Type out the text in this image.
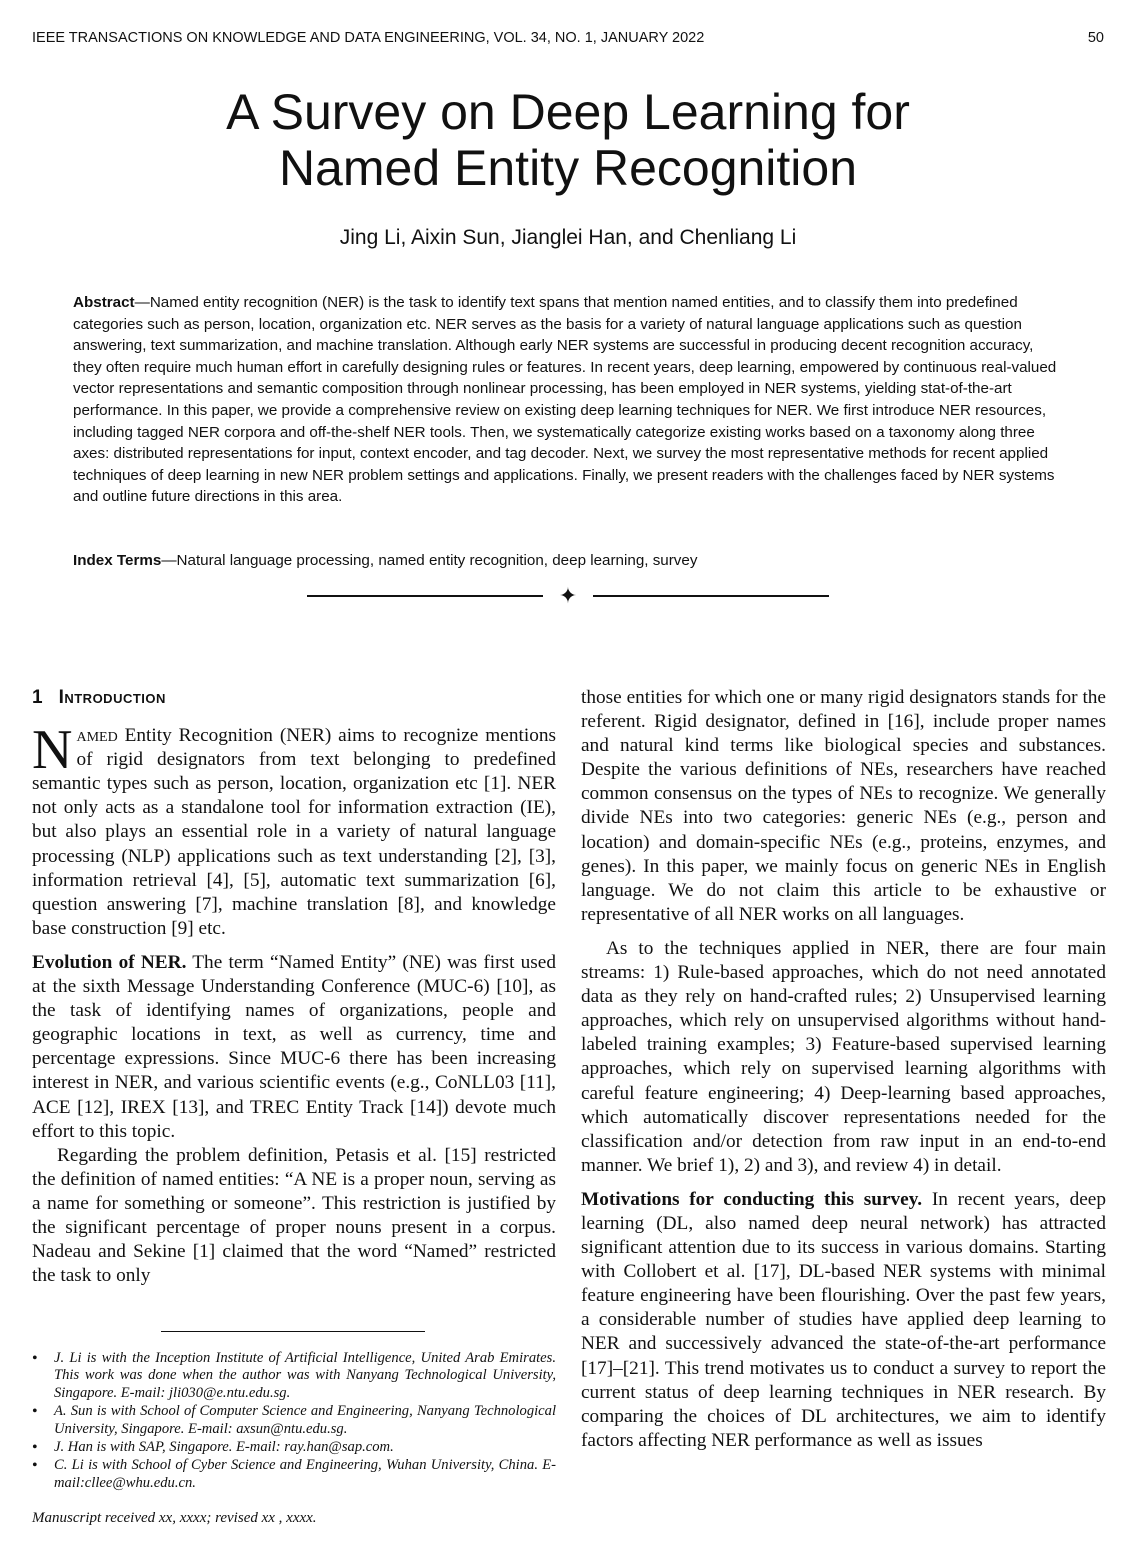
IEEE TRANSACTIONS ON KNOWLEDGE AND DATA ENGINEERING, VOL. 34, NO. 1, JANUARY 2022	50
A Survey on Deep Learning for
Named Entity Recognition
Jing Li, Aixin Sun, Jianglei Han, and Chenliang Li
Abstract—Named entity recognition (NER) is the task to identify text spans that mention named entities, and to classify them into predefined categories such as person, location, organization etc. NER serves as the basis for a variety of natural language applications such as question answering, text summarization, and machine translation. Although early NER systems are successful in producing decent recognition accuracy, they often require much human effort in carefully designing rules or features. In recent years, deep learning, empowered by continuous real-valued vector representations and semantic composition through nonlinear processing, has been employed in NER systems, yielding stat-of-the-art performance. In this paper, we provide a comprehensive review on existing deep learning techniques for NER. We first introduce NER resources, including tagged NER corpora and off-the-shelf NER tools. Then, we systematically categorize existing works based on a taxonomy along three axes: distributed representations for input, context encoder, and tag decoder. Next, we survey the most representative methods for recent applied techniques of deep learning in new NER problem settings and applications. Finally, we present readers with the challenges faced by NER systems and outline future directions in this area.
Index Terms—Natural language processing, named entity recognition, deep learning, survey
✦
1 Introduction

Named Entity Recognition (NER) aims to recognize mentions of rigid designators from text belonging to predefined semantic types such as person, location, organization etc [1]. NER not only acts as a standalone tool for information extraction (IE), but also plays an essential role in a variety of natural language processing (NLP) applications such as text understanding [2], [3], information retrieval [4], [5], automatic text summarization [6], question answering [7], machine translation [8], and knowledge base construction [9] etc.

Evolution of NER. The term “Named Entity” (NE) was first used at the sixth Message Understanding Conference (MUC-6) [10], as the task of identifying names of organizations, people and geographic locations in text, as well as currency, time and percentage expressions. Since MUC-6 there has been increasing interest in NER, and various scientific events (e.g., CoNLL03 [11], ACE [12], IREX [13], and TREC Entity Track [14]) devote much effort to this topic.

Regarding the problem definition, Petasis et al. [15] restricted the definition of named entities: “A NE is a proper noun, serving as a name for something or someone”. This restriction is justified by the significant percentage of proper nouns present in a corpus. Nadeau and Sekine [1] claimed that the word “Named” restricted the task to only

• J. Li is with the Inception Institute of Artificial Intelligence, United Arab Emirates. This work was done when the author was with Nanyang Technological University, Singapore. E-mail: jli030@e.ntu.edu.sg.
• A. Sun is with School of Computer Science and Engineering, Nanyang Technological University, Singapore. E-mail: axsun@ntu.edu.sg.
• J. Han is with SAP, Singapore. E-mail: ray.han@sap.com.
• C. Li is with School of Cyber Science and Engineering, Wuhan University, China. E-mail:cllee@whu.edu.cn.
Manuscript received xx, xxxx; revised xx , xxxx.

those entities for which one or many rigid designators stands for the referent. Rigid designator, defined in [16], include proper names and natural kind terms like biological species and substances. Despite the various definitions of NEs, researchers have reached common consensus on the types of NEs to recognize. We generally divide NEs into two categories: generic NEs (e.g., person and location) and domain-specific NEs (e.g., proteins, enzymes, and genes). In this paper, we mainly focus on generic NEs in English language. We do not claim this article to be exhaustive or representative of all NER works on all languages.

As to the techniques applied in NER, there are four main streams: 1) Rule-based approaches, which do not need annotated data as they rely on hand-crafted rules; 2) Unsupervised learning approaches, which rely on unsupervised algorithms without hand-labeled training examples; 3) Feature-based supervised learning approaches, which rely on supervised learning algorithms with careful feature engineering; 4) Deep-learning based approaches, which automatically discover representations needed for the classification and/or detection from raw input in an end-to-end manner. We brief 1), 2) and 3), and review 4) in detail.

Motivations for conducting this survey. In recent years, deep learning (DL, also named deep neural network) has attracted significant attention due to its success in various domains. Starting with Collobert et al. [17], DL-based NER systems with minimal feature engineering have been flourishing. Over the past few years, a considerable number of studies have applied deep learning to NER and successively advanced the state-of-the-art performance [17]–[21]. This trend motivates us to conduct a survey to report the current status of deep learning techniques in NER research. By comparing the choices of DL architectures, we aim to identify factors affecting NER performance as well as issues
